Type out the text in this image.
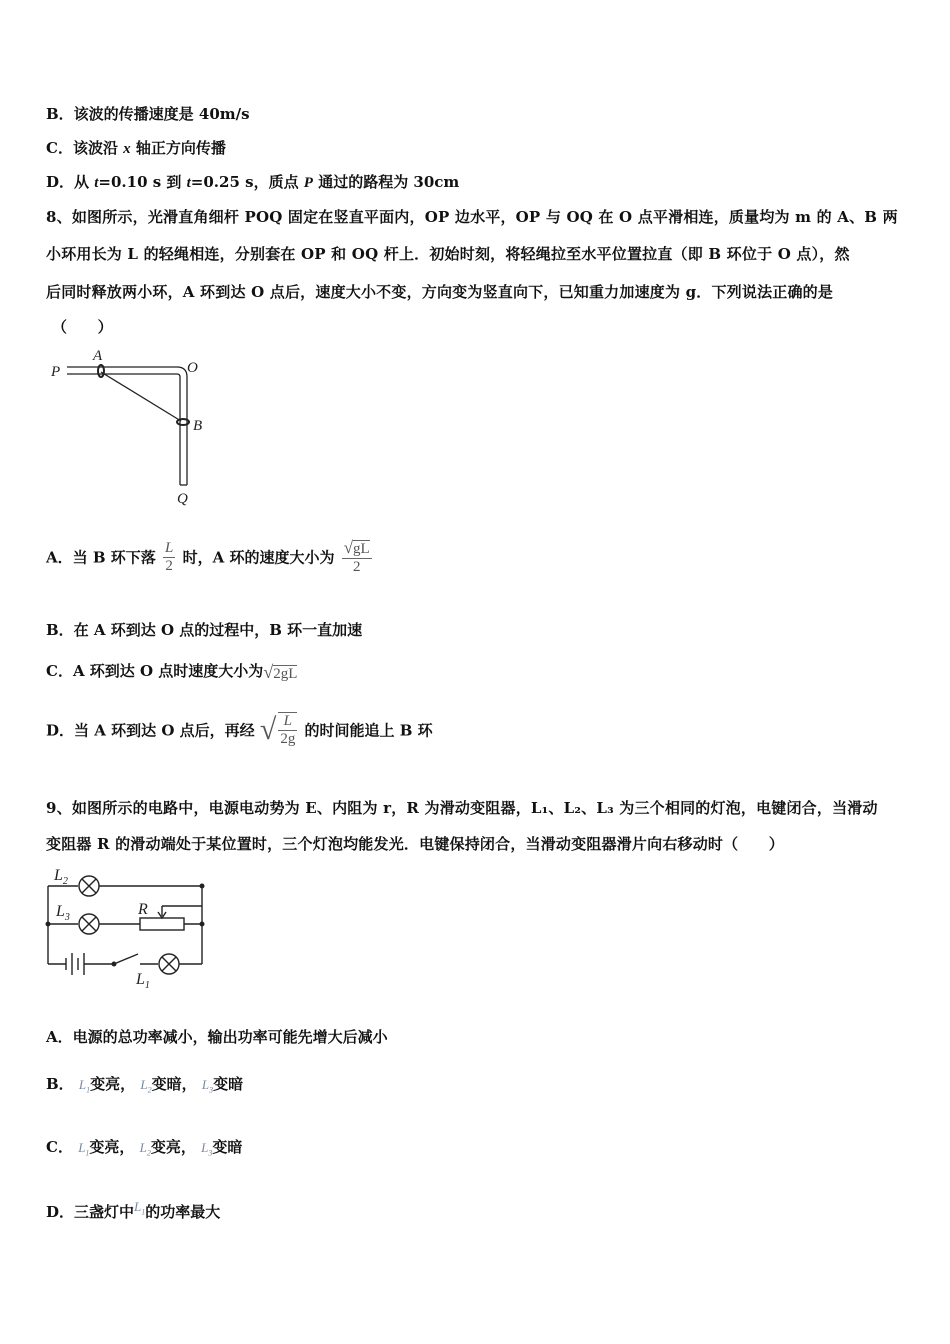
B．该波的传播速度是 40m/s
C．该波沿 x 轴正方向传播
D．从 t=0.10 s 到 t=0.25 s，质点 P 通过的路程为 30cm
8、如图所示，光滑直角细杆 POQ 固定在竖直平面内，OP 边水平，OP 与 OQ 在 O 点平滑相连，质量均为 m 的 A、B 两
小环用长为 L 的轻绳相连，分别套在 OP 和 OQ 杆上．初始时刻，将轻绳拉至水平位置拉直（即 B 环位于 O 点），然
后同时释放两小环，A 环到达 O 点后，速度大小不变，方向变为竖直向下，已知重力加速度为 g．下列说法正确的是
（　　）
P
A
O
B
Q
A．当 B 环下落 $\frac{L}{2}$ 时，A 环的速度大小为 $\frac{√gL}{2}$
B．在 A 环到达 O 点的过程中，B 环一直加速
C．A 环到达 O 点时速度大小为√2gL
D．当 A 环到达 O 点后，再经 √ $\frac{L}{2g}$ 的时间能追上 B 环
9、如图所示的电路中，电源电动势为 E、内阻为 r，R 为滑动变阻器，L₁、L₂、L₃ 为三个相同的灯泡，电键闭合，当滑动
变阻器 R 的滑动端处于某位置时，三个灯泡均能发光．电键保持闭合，当滑动变阻器滑片向右移动时（　　）
$L_2$
$L_3$	R
$L_1$
A．电源的总功率减小，输出功率可能先增大后减小
B． $L_1$变亮， $L_2$变暗， $L_3$变暗
C． $L_1$变亮， $L_2$变亮， $L_3$变暗
D．三盏灯中$L_1$的功率最大
